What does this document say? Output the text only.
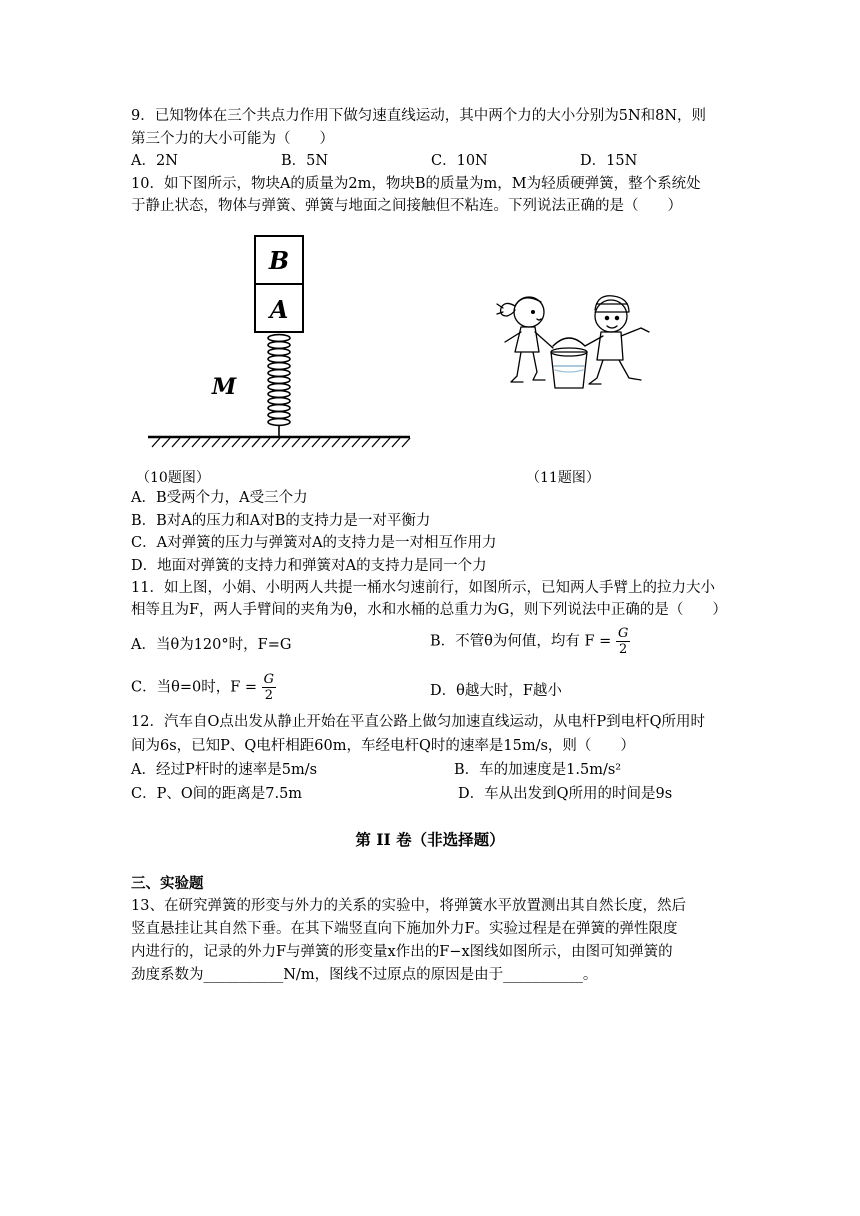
9．已知物体在三个共点力作用下做匀速直线运动，其中两个力的大小分别为5N和8N，则
第三个力的大小可能为（　　）
A．2N	B．5N	C．10N	D．15N
10．如下图所示，物块A的质量为2m，物块B的质量为m，M为轻质硬弹簧，整个系统处
于静止状态，物体与弹簧、弹簧与地面之间接触但不粘连。下列说法正确的是（　　）
B
A
M
（10题图）	（11题图）
A．B受两个力，A受三个力
B．B对A的压力和A对B的支持力是一对平衡力
C．A对弹簧的压力与弹簧对A的支持力是一对相互作用力
D．地面对弹簧的支持力和弹簧对A的支持力是同一个力
11．如上图，小娟、小明两人共提一桶水匀速前行，如图所示，已知两人手臂上的拉力大小
相等且为F，两人手臂间的夹角为θ，水和水桶的总重力为G，则下列说法中正确的是（　　）
A．当θ为120°时，F=G	B．不管θ为何值，均有 $F = \frac{G}{2}$
C．当θ=0时，$F = \frac{G}{2}$	D．θ越大时，F越小
12．汽车自O点出发从静止开始在平直公路上做匀加速直线运动，从电杆P到电杆Q所用时
间为6s，已知P、Q电杆相距60m，车经电杆Q时的速率是15m/s，则（　　）
A．经过P杆时的速率是5m/s	B．车的加速度是1.5m/s²
C．P、O间的距离是7.5m	D．车从出发到Q所用的时间是9s
第 II 卷（非选择题）
三、实验题
13、在研究弹簧的形变与外力的关系的实验中，将弹簧水平放置测出其自然长度，然后
竖直悬挂让其自然下垂。在其下端竖直向下施加外力F。实验过程是在弹簧的弹性限度
内进行的，记录的外力F与弹簧的形变量x作出的F−x图线如图所示，由图可知弹簧的
劲度系数为___________N/m，图线不过原点的原因是由于___________。
